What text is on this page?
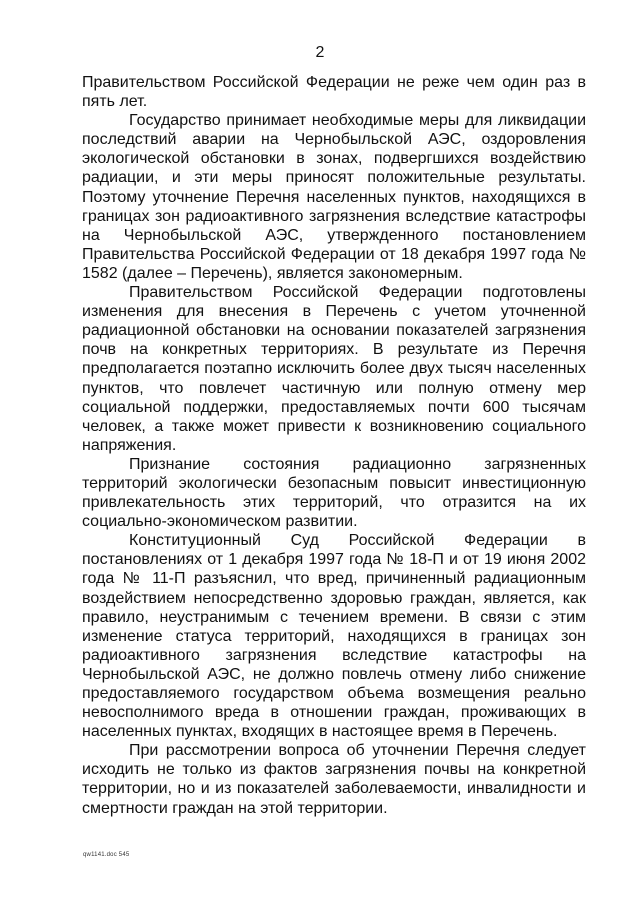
2

Правительством Российской Федерации не реже чем один раз в пять лет.

Государство принимает необходимые меры для ликвидации последствий аварии на Чернобыльской АЭС, оздоровления экологической обстановки в зонах, подвергшихся воздействию радиации, и эти меры приносят положительные результаты. Поэтому уточнение Перечня населенных пунктов, находящихся в границах зон радиоактивного загрязнения вследствие катастрофы на Чернобыльской АЭС, утвержденного постановлением Правительства Российской Федерации от 18 декабря 1997 года № 1582 (далее – Перечень), является закономерным.

Правительством Российской Федерации подготовлены изменения для внесения в Перечень с учетом уточненной радиационной обстановки на основании показателей загрязнения почв на конкретных территориях. В результате из Перечня предполагается поэтапно исключить более двух тысяч населенных пунктов, что повлечет частичную или полную отмену мер социальной поддержки, предоставляемых почти 600 тысячам человек, а также может привести к возникновению социального напряжения.

Признание состояния радиационно загрязненных территорий экологически безопасным повысит инвестиционную привлекательность этих территорий, что отразится на их социально-экономическом развитии.

Конституционный Суд Российской Федерации в постановлениях от 1 декабря 1997 года № 18-П и от 19 июня 2002 года № 11-П разъяснил, что вред, причиненный радиационным воздействием непосредственно здоровью граждан, является, как правило, неустранимым с течением времени. В связи с этим изменение статуса территорий, находящихся в границах зон радиоактивного загрязнения вследствие катастрофы на Чернобыльской АЭС, не должно повлечь отмену либо снижение предоставляемого государством объема возмещения реально невосполнимого вреда в отношении граждан, проживающих в населенных пунктах, входящих в настоящее время в Перечень.

При рассмотрении вопроса об уточнении Перечня следует исходить не только из фактов загрязнения почвы на конкретной территории, но и из показателей заболеваемости, инвалидности и смертности граждан на этой территории.

qw1141.doc 545
